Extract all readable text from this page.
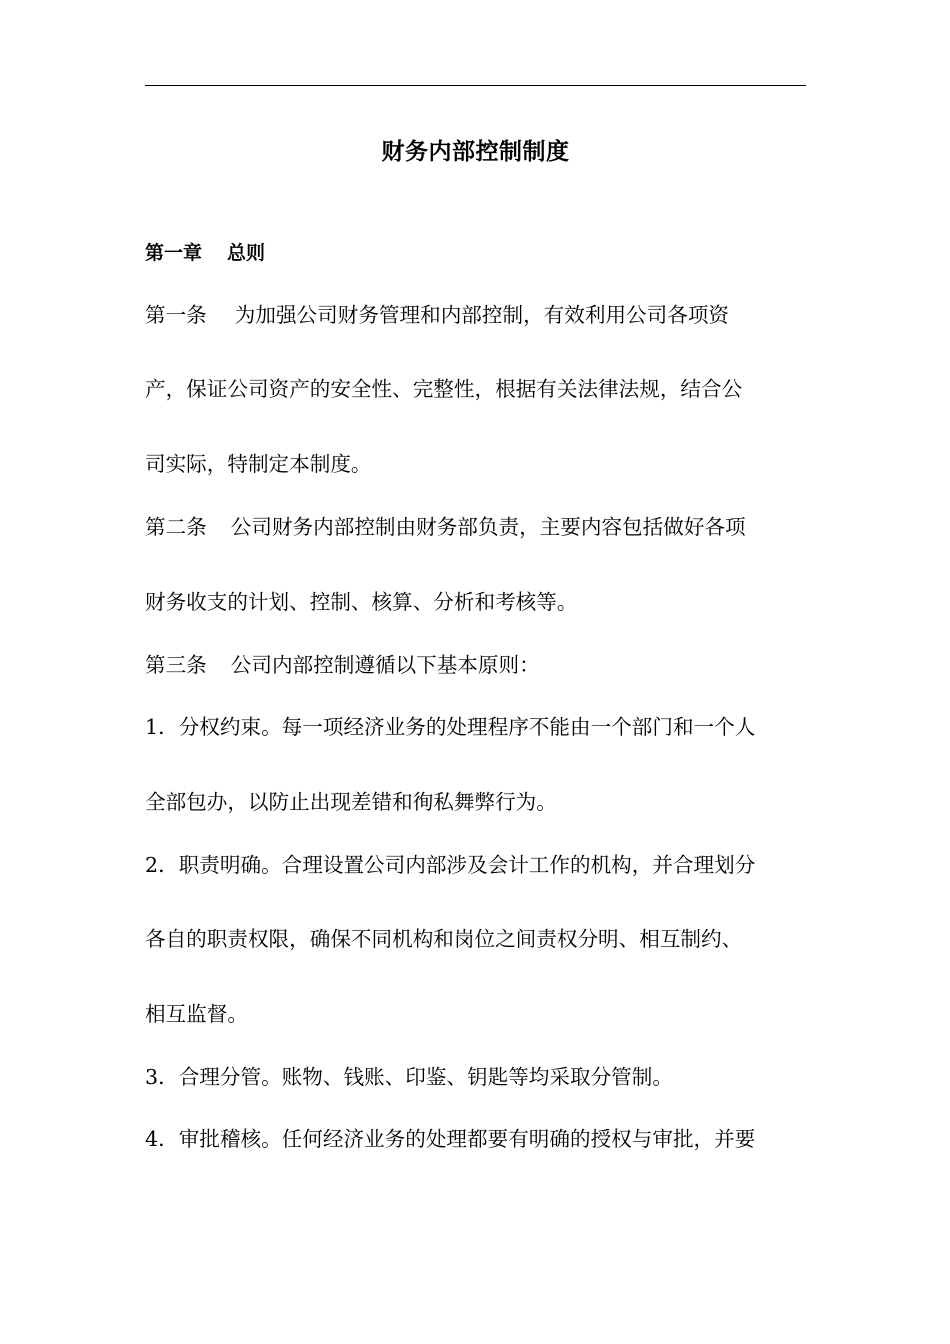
财务内部控制制度
第一章 总则
第一条 为加强公司财务管理和内部控制，有效利用公司各项资
产，保证公司资产的安全性、完整性，根据有关法律法规，结合公
司实际，特制定本制度。
第二条 公司财务内部控制由财务部负责，主要内容包括做好各项
财务收支的计划、控制、核算、分析和考核等。
第三条 公司内部控制遵循以下基本原则：
1．分权约束。每一项经济业务的处理程序不能由一个部门和一个人
全部包办，以防止出现差错和徇私舞弊行为。
2．职责明确。合理设置公司内部涉及会计工作的机构，并合理划分
各自的职责权限，确保不同机构和岗位之间责权分明、相互制约、
相互监督。
3．合理分管。账物、钱账、印鉴、钥匙等均采取分管制。
4．审批稽核。任何经济业务的处理都要有明确的授权与审批，并要
